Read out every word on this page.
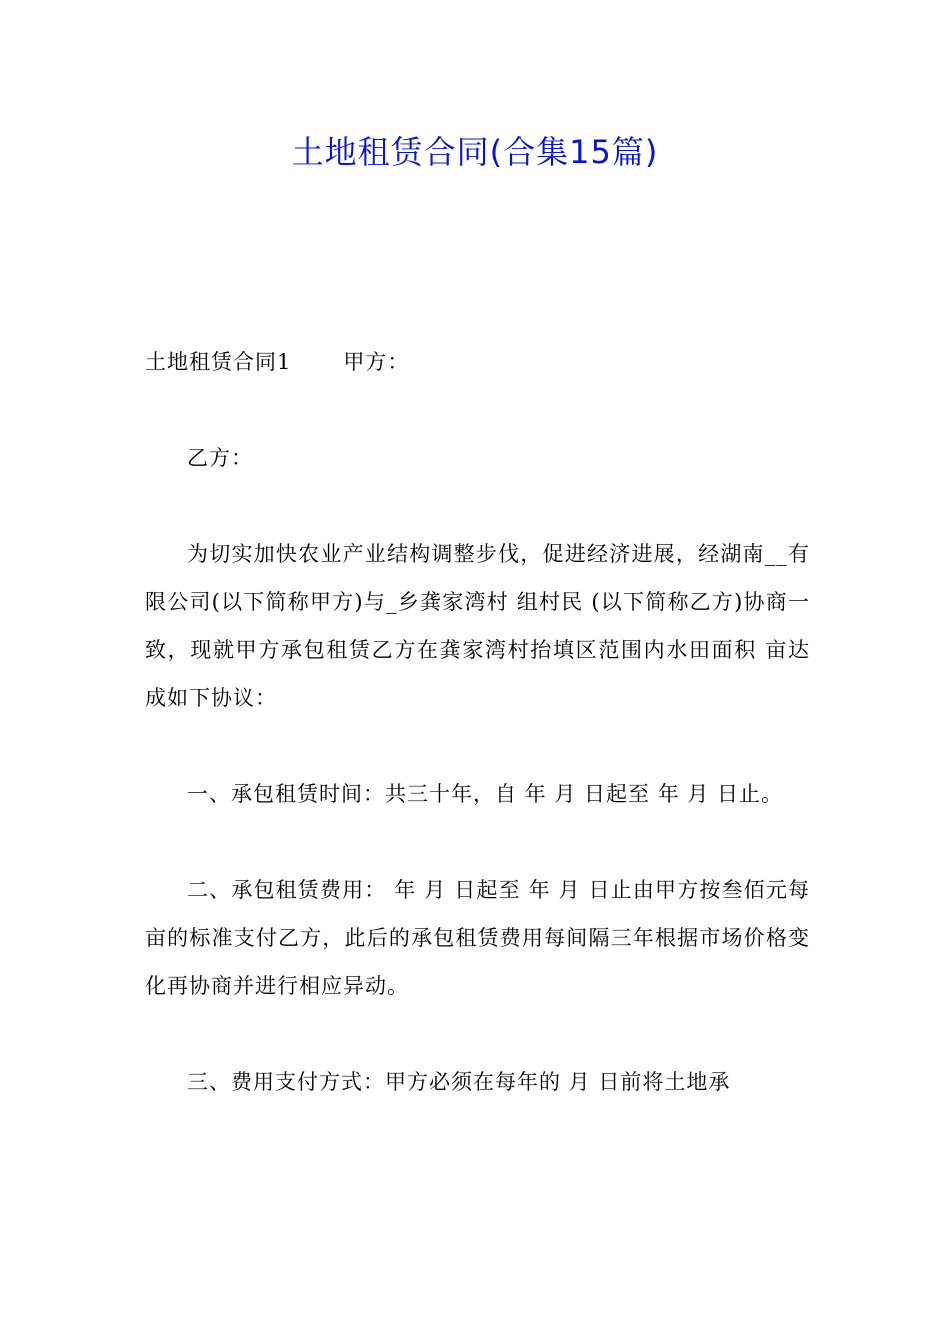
土地租赁合同(合集15篇)

土地租赁合同1 甲方：

乙方：

为切实加快农业产业结构调整步伐，促进经济进展，经湖南__有限公司(以下简称甲方)与_乡龚家湾村 组村民 (以下简称乙方)协商一致，现就甲方承包租赁乙方在龚家湾村抬填区范围内水田面积 亩达成如下协议：

一、承包租赁时间：共三十年，自 年 月 日起至 年 月 日止。

二、承包租赁费用： 年 月 日起至 年 月 日止由甲方按叁佰元每亩的标准支付乙方，此后的承包租赁费用每间隔三年根据市场价格变化再协商并进行相应异动。

三、费用支付方式：甲方必须在每年的 月 日前将土地承
